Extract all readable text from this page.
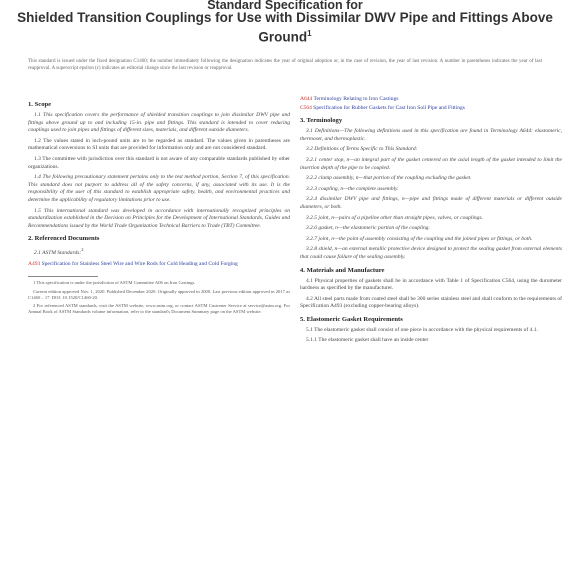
Standard Specification for
Shielded Transition Couplings for Use with Dissimilar DWV Pipe and Fittings Above Ground$^1$
This standard is issued under the fixed designation C1460; the number immediately following the designation indicates the year of original adoption or, in the case of revision, the year of last revision. A number in parentheses indicates the year of last reapproval. A superscript epsilon (ε) indicates an editorial change since the last revision or reapproval.
1. Scope

1.1 This specification covers the performance of shielded transition couplings to join dissimilar DWV pipe and fittings above ground up to and including 15-in. pipe and fittings. This standard is intended to cover reducing couplings used to join pipes and fittings of different sizes, materials, and different outside diameters.

1.2 The values stated in inch-pound units are to be regarded as standard. The values given in parentheses are mathematical conversions to SI units that are provided for information only and are not considered standard.

1.3 The committee with jurisdiction over this standard is not aware of any comparable standards published by other organizations.

1.4 The following precautionary statement pertains only to the test method portion, Section 7, of this specification. This standard does not purport to address all of the safety concerns, if any, associated with its use. It is the responsibility of the user of this standard to establish appropriate safety, health, and environmental practices and determine the applicability of regulatory limitations prior to use.

1.5 This international standard was developed in accordance with internationally recognized principles on standardization established in the Decision on Principles for the Development of International Standards, Guides and Recommendations issued by the World Trade Organization Technical Barriers to Trade (TBT) Committee.

2. Referenced Documents

2.1 ASTM Standards:$^2$

A493 Specification for Stainless Steel Wire and Wire Rods for Cold Heading and Cold Forging

1 This specification is under the jurisdiction of ASTM Committee A06 on Iron Castings.

Current edition approved Nov. 1, 2020. Published December 2020. Originally approved in 2000. Last previous edition approved in 2017 as C1460 – 17. DOI: 10.1520/C1460-20.

2 For referenced ASTM standards, visit the ASTM website, www.astm.org, or contact ASTM Customer Service at service@astm.org. For Annual Book of ASTM Standards volume information, refer to the standard's Document Summary page on the ASTM website.

A644 Terminology Relating to Iron Castings
C564 Specification for Rubber Gaskets for Cast Iron Soil Pipe and Fittings
3. Terminology

3.1 Definitions—The following definitions used in this specification are found in Terminology A644: elastomeric, thermoset, and thermoplastic.

3.2 Definitions of Terms Specific to This Standard:

3.2.1 center stop, n—an integral part of the gasket centered on the axial length of the gasket intended to limit the insertion depth of the pipe to be coupled.

3.2.2 clamp assembly, n—that portion of the coupling excluding the gasket.

3.2.3 coupling, n—the complete assembly.

3.2.4 dissimilar DWV pipe and fittings, n—pipe and fittings made of different materials or different outside diameters, or both.

3.2.5 joint, n—pairs of a pipeline other than straight pipes, valves, or couplings.

3.2.6 gasket, n—the elastomeric portion of the coupling.

3.2.7 joint, n—the point of assembly consisting of the coupling and the joined pipes or fittings, or both.

3.2.8 shield, n—an external metallic protective device designed to protect the sealing gasket from external elements that could cause failure of the sealing assembly.

4. Materials and Manufacture

4.1 Physical properties of gaskets shall be in accordance with Table 1 of Specification C564, using the durometer hardness as specified by the manufacturer.

4.2 All steel parts made from coated steel shall be 300 series stainless steel and shall conform to the requirements of Specification A493 (excluding copper-bearing alloys).

5. Elastomeric Gasket Requirements

5.1 The elastomeric gasket shall consist of one piece in accordance with the physical requirements of 4.1.

5.1.1 The elastomeric gasket shall have an inside center
